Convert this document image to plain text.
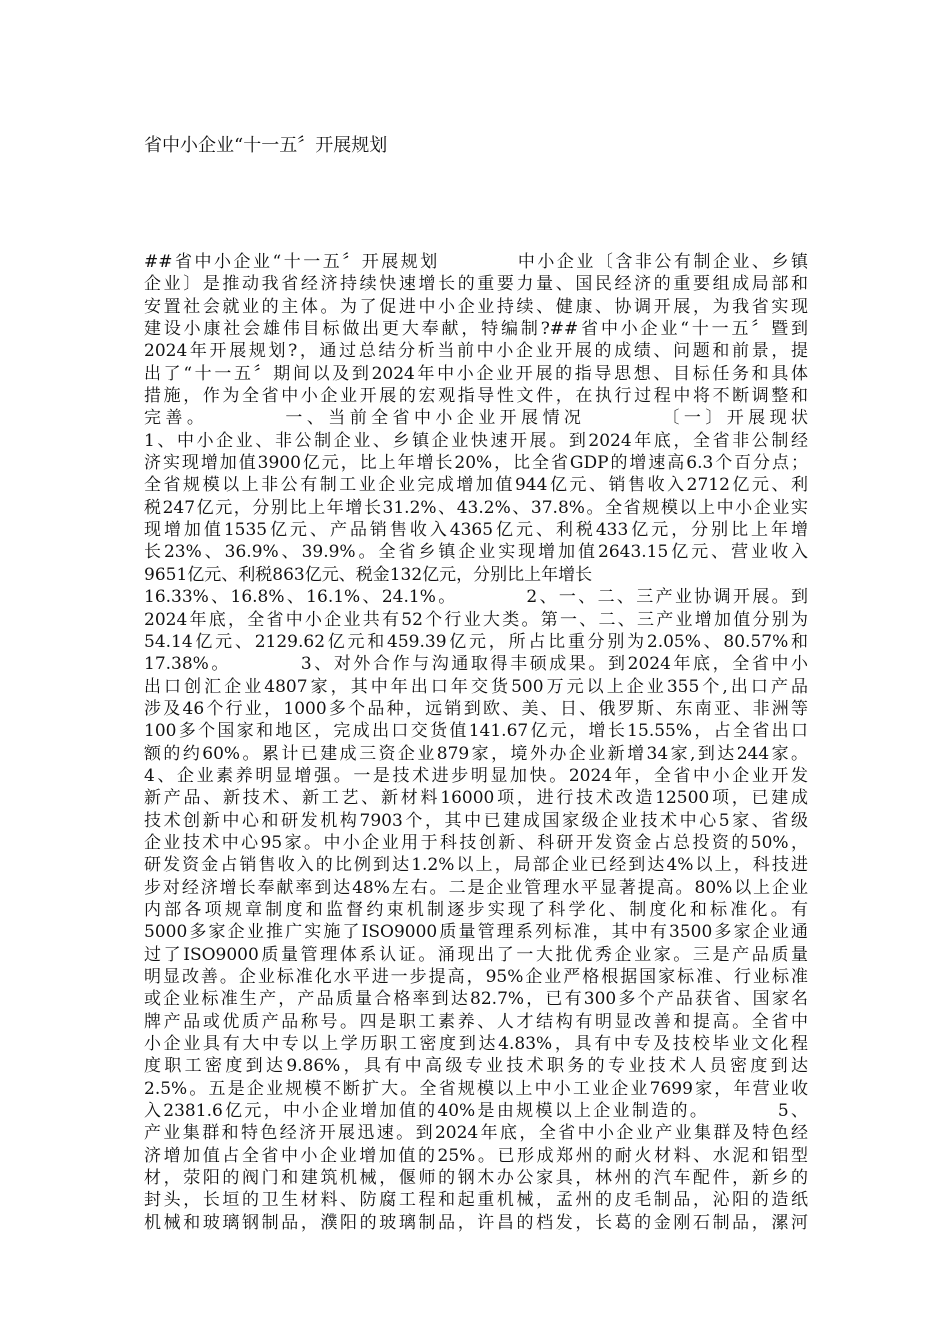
省中小企业“十一五〞开展规划
##省中小企业“十一五〞开展规划　　　　中小企业〔含非公有制企业、乡镇
企业〕是推动我省经济持续快速增长的重要力量、国民经济的重要组成局部和
安置社会就业的主体。为了促进中小企业持续、健康、协调开展，为我省实现
建设小康社会雄伟目标做出更大奉献，特编制?##省中小企业“十一五〞暨到
2024年开展规划?，通过总结分析当前中小企业开展的成绩、问题和前景，提
出了“十一五〞期间以及到2024年中小企业开展的指导思想、目标任务和具体
措施，作为全省中小企业开展的宏观指导性文件，在执行过程中将不断调整和
完善。　　　　一、当前全省中小企业开展情况　　　　〔一〕开展现状
1、中小企业、非公制企业、乡镇企业快速开展。到2024年底，全省非公制经
济实现增加值3900亿元，比上年增长20%，比全省GDP的增速高6.3个百分点；
全省规模以上非公有制工业企业完成增加值944亿元、销售收入2712亿元、利
税247亿元，分别比上年增长31.2%、43.2%、37.8%。全省规模以上中小企业实
现增加值1535亿元、产品销售收入4365亿元、利税433亿元，分别比上年增
长23%、36.9%、39.9%。全省乡镇企业实现增加值2643.15亿元、营业收入
9651亿元、利税863亿元、税金132亿元，分别比上年增长
16.33%、16.8%、16.1%、24.1%。　　　　2、一、二、三产业协调开展。到
2024年底，全省中小企业共有52个行业大类。第一、二、三产业增加值分别为
54.14亿元、2129.62亿元和459.39亿元，所占比重分别为2.05%、80.57%和
17.38%。　　　　3、对外合作与沟通取得丰硕成果。到2024年底，全省中小
出口创汇企业4807家，其中年出口年交货500万元以上企业355个,出口产品
涉及46个行业，1000多个品种，远销到欧、美、日、俄罗斯、东南亚、非洲等
100多个国家和地区，完成出口交货值141.67亿元，增长15.55%，占全省出口
额的约60%。累计已建成三资企业879家，境外办企业新增34家,到达244家。
4、企业素养明显增强。一是技术进步明显加快。2024年，全省中小企业开发
新产品、新技术、新工艺、新材料16000项，进行技术改造12500项，已建成
技术创新中心和研发机构7903个，其中已建成国家级企业技术中心5家、省级
企业技术中心95家。中小企业用于科技创新、科研开发资金占总投资的50%，
研发资金占销售收入的比例到达1.2%以上，局部企业已经到达4%以上，科技进
步对经济增长奉献率到达48%左右。二是企业管理水平显著提高。80%以上企业
内部各项规章制度和监督约束机制逐步实现了科学化、制度化和标准化。有
5000多家企业推广实施了ISO9000质量管理系列标准，其中有3500多家企业通
过了ISO9000质量管理体系认证。涌现出了一大批优秀企业家。三是产品质量
明显改善。企业标准化水平进一步提高，95%企业严格根据国家标准、行业标准
或企业标准生产，产品质量合格率到达82.7%，已有300多个产品获省、国家名
牌产品或优质产品称号。四是职工素养、人才结构有明显改善和提高。全省中
小企业具有大中专以上学历职工密度到达4.83%，具有中专及技校毕业文化程
度职工密度到达9.86%，具有中高级专业技术职务的专业技术人员密度到达
2.5%。五是企业规模不断扩大。全省规模以上中小工业企业7699家，年营业收
入2381.6亿元，中小企业增加值的40%是由规模以上企业制造的。　　　　5、
产业集群和特色经济开展迅速。到2024年底，全省中小企业产业集群及特色经
济增加值占全省中小企业增加值的25%。已形成郑州的耐火材料、水泥和铝型
材，荥阳的阀门和建筑机械，偃师的钢木办公家具，林州的汽车配件，新乡的
封头，长垣的卫生材料、防腐工程和起重机械，孟州的皮毛制品，沁阳的造纸
机械和玻璃钢制品，濮阳的玻璃制品，许昌的档发，长葛的金刚石制品，漯河
